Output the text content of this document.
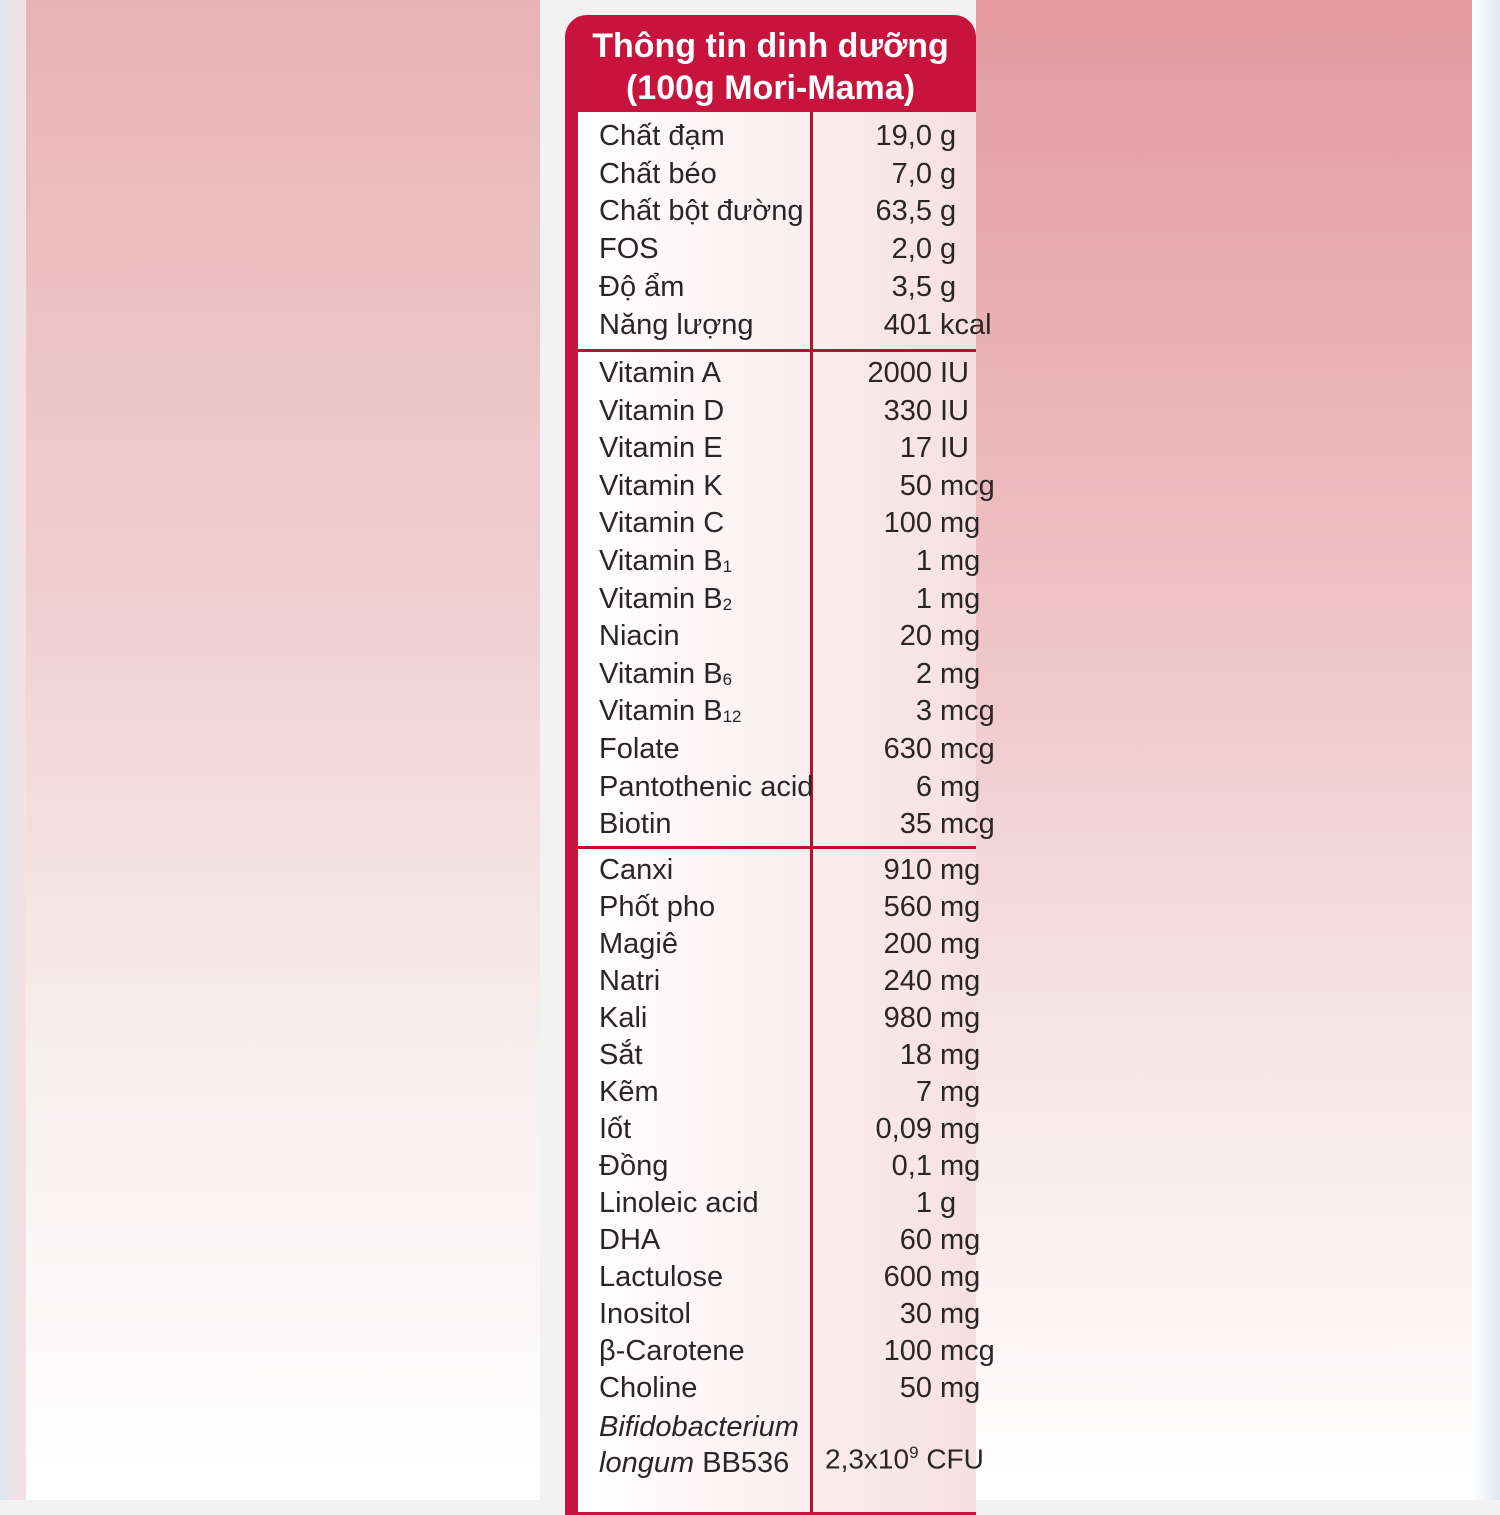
Thông tin dinh dưỡng
(100g Mori-Mama)
Chất đạm	19,0 g
Chất béo	7,0 g
Chất bột đường 63,5 g
FOS	2,0 g
Độ ẩm	3,5 g
Năng lượng	401 kcal
Vitamin A	2000 IU
Vitamin D	330 IU
Vitamin E	17 IU
Vitamin K	50 mcg
Vitamin C	100 mg
Vitamin $B_1$	1 mg
Vitamin $B_2$	1 mg
Niacin	20 mg
Vitamin $B_6$	2 mg
Vitamin $B_{12}$	3 mcg
Folate	630 mcg
Pantothenic acid	6 mg
Biotin	35 mcg
Canxi	910 mg
Phốt pho	560 mg
Magiê	200 mg
Natri	240 mg
Kali	980 mg
Sắt	18 mg
Kẽm	7 mg
Iốt	0,09 mg
Đồng	0,1 mg
Linoleic acid	1 g
DHA	60 mg
Lactulose	600 mg
Inositol	30 mg
β-Carotene	100 mcg
Choline	50 mg
Bifidobacterium
longum BB536 $2,3x10^9$ CFU
